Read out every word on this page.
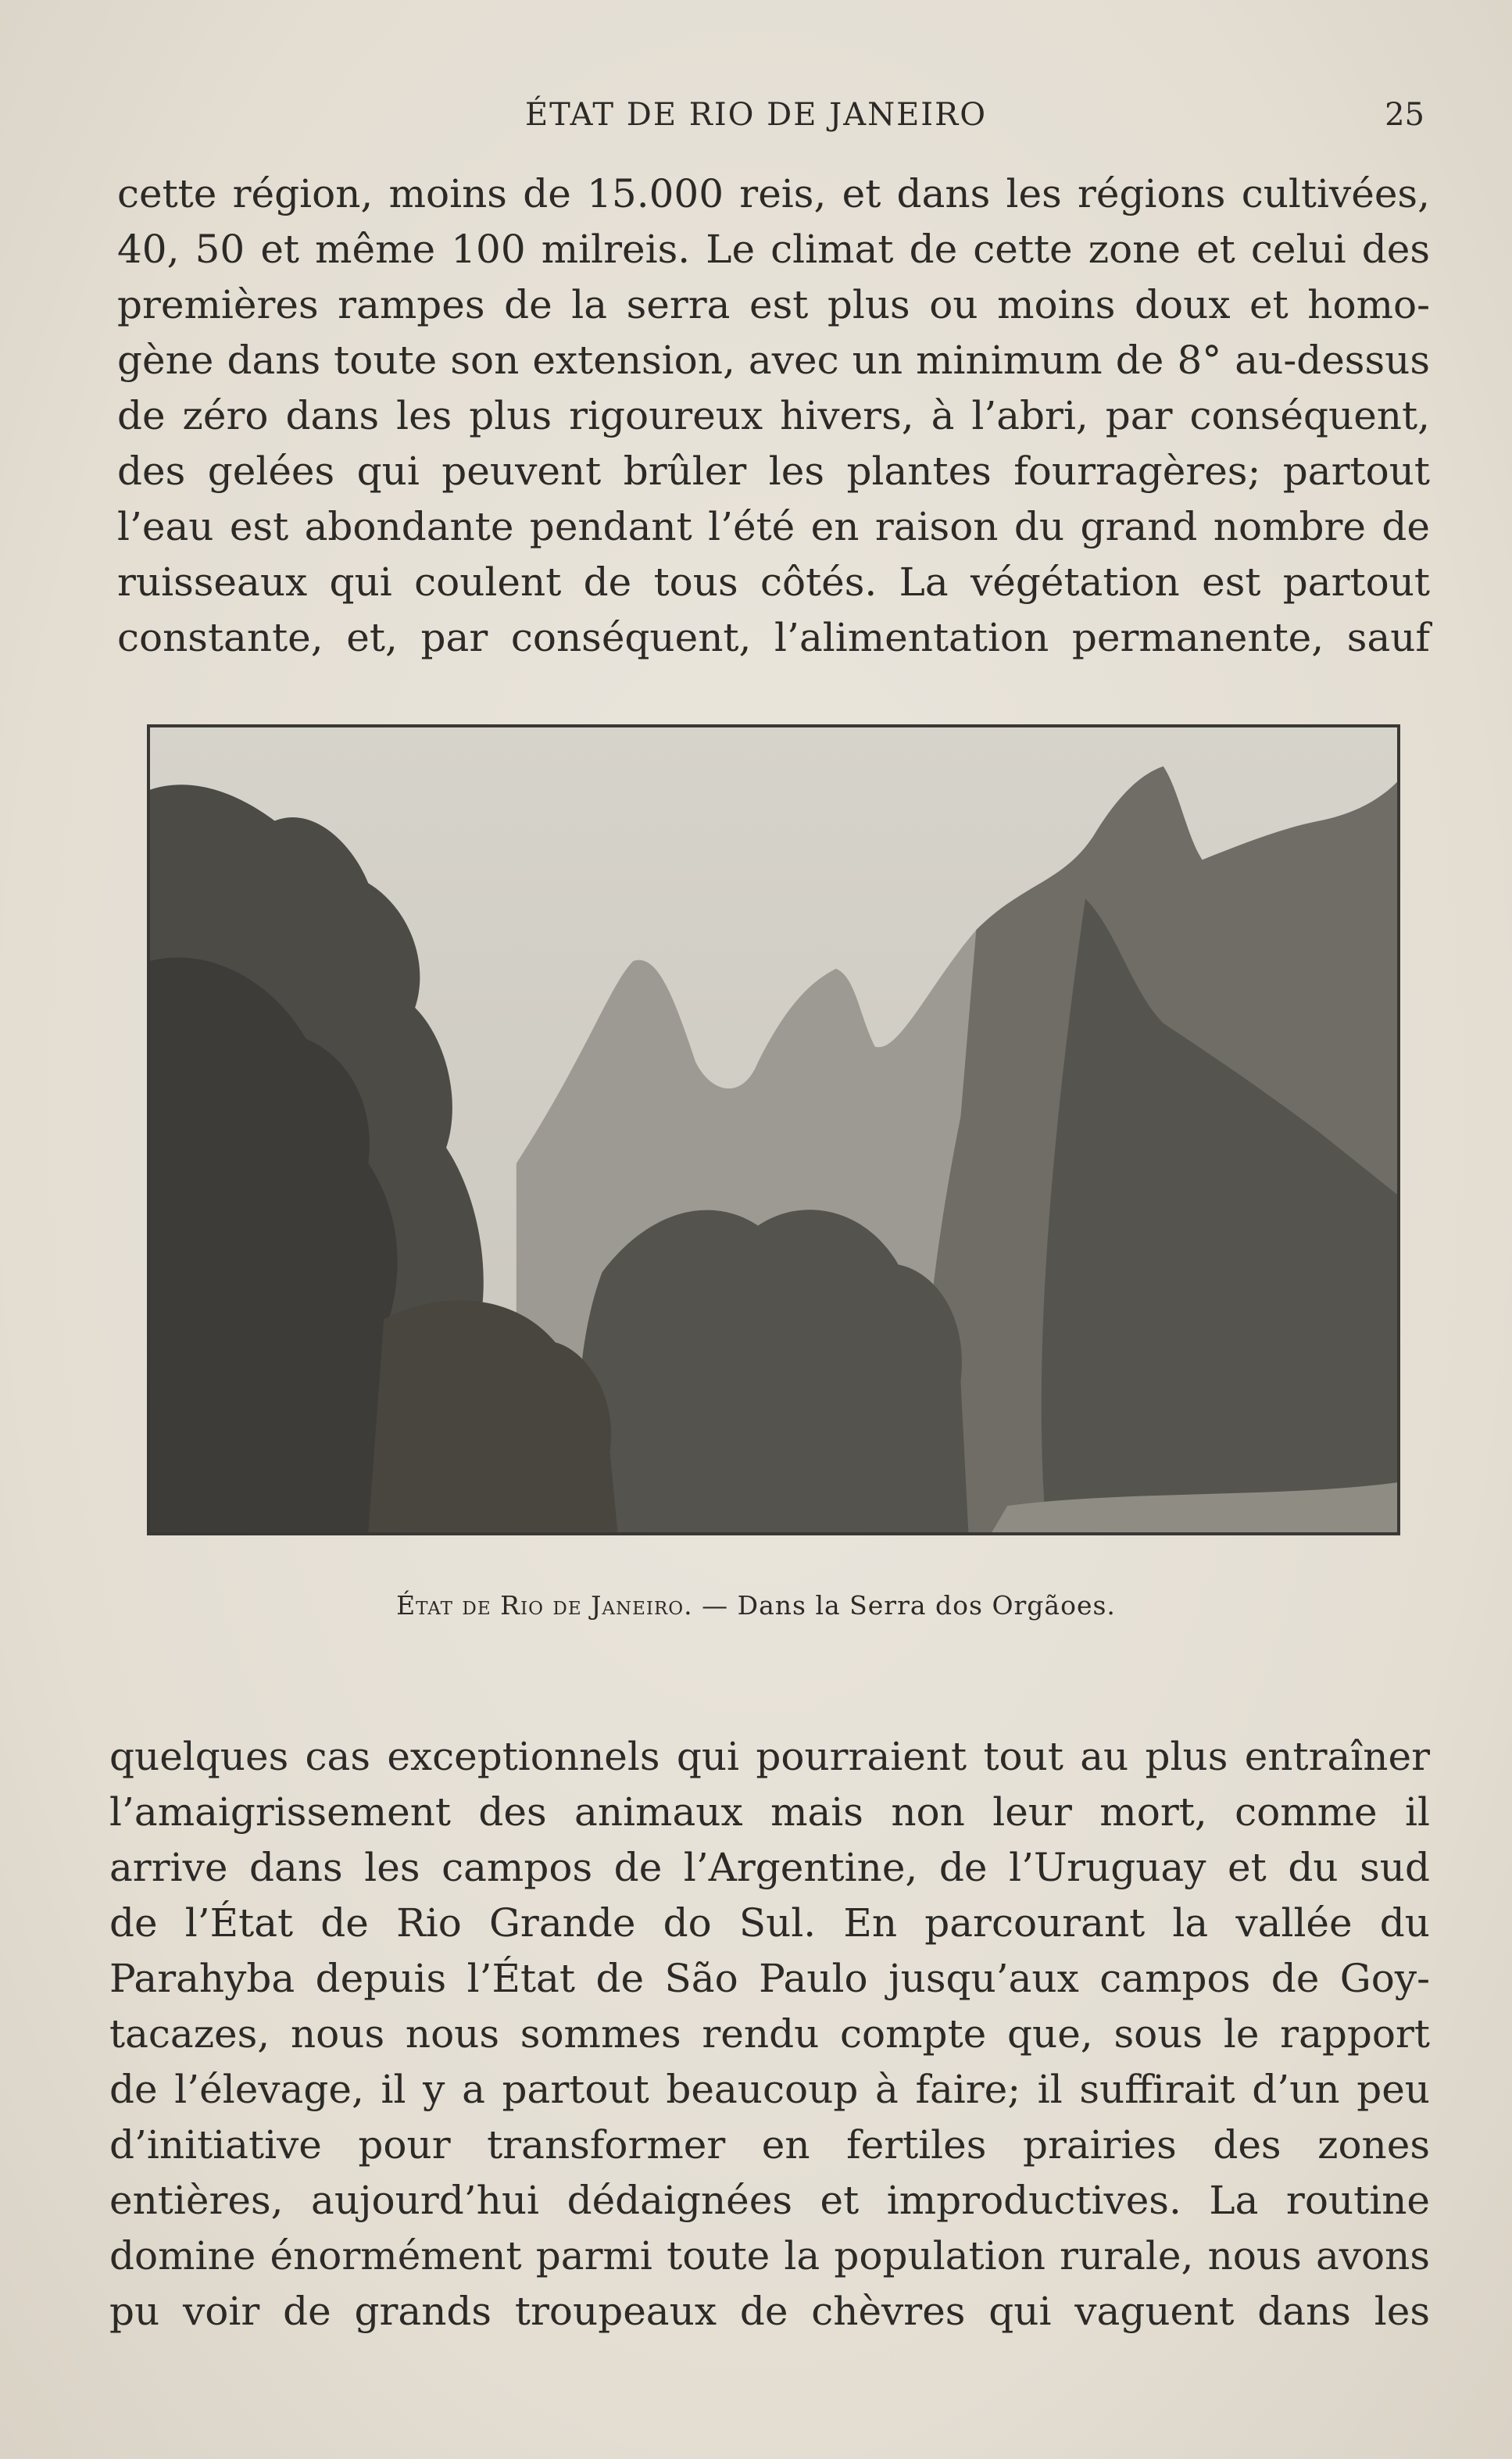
ÉTAT DE RIO DE JANEIRO	25
cette région, moins de 15.000 reis, et dans les régions cultivées,
40, 50 et même 100 milreis. Le climat de cette zone et celui des
premières rampes de la serra est plus ou moins doux et homo-
gène dans toute son extension, avec un minimum de 8° au-dessus
de zéro dans les plus rigoureux hivers, à l’abri, par conséquent,
des gelées qui peuvent brûler les plantes fourragères; partout
l’eau est abondante pendant l’été en raison du grand nombre de
ruisseaux qui coulent de tous côtés. La végétation est partout
constante, et, par conséquent, l’alimentation permanente, sauf
État de Rio de Janeiro. — Dans la Serra dos Orgãoes.
quelques cas exceptionnels qui pourraient tout au plus entraîner
l’amaigrissement des animaux mais non leur mort, comme il
arrive dans les campos de l’Argentine, de l’Uruguay et du sud
de l’État de Rio Grande do Sul. En parcourant la vallée du
Parahyba depuis l’État de São Paulo jusqu’aux campos de Goy-
tacazes, nous nous sommes rendu compte que, sous le rapport
de l’élevage, il y a partout beaucoup à faire; il suffirait d’un peu
d’initiative pour transformer en fertiles prairies des zones
entières, aujourd’hui dédaignées et improductives. La routine
domine énormément parmi toute la population rurale, nous avons
pu voir de grands troupeaux de chèvres qui vaguent dans les
